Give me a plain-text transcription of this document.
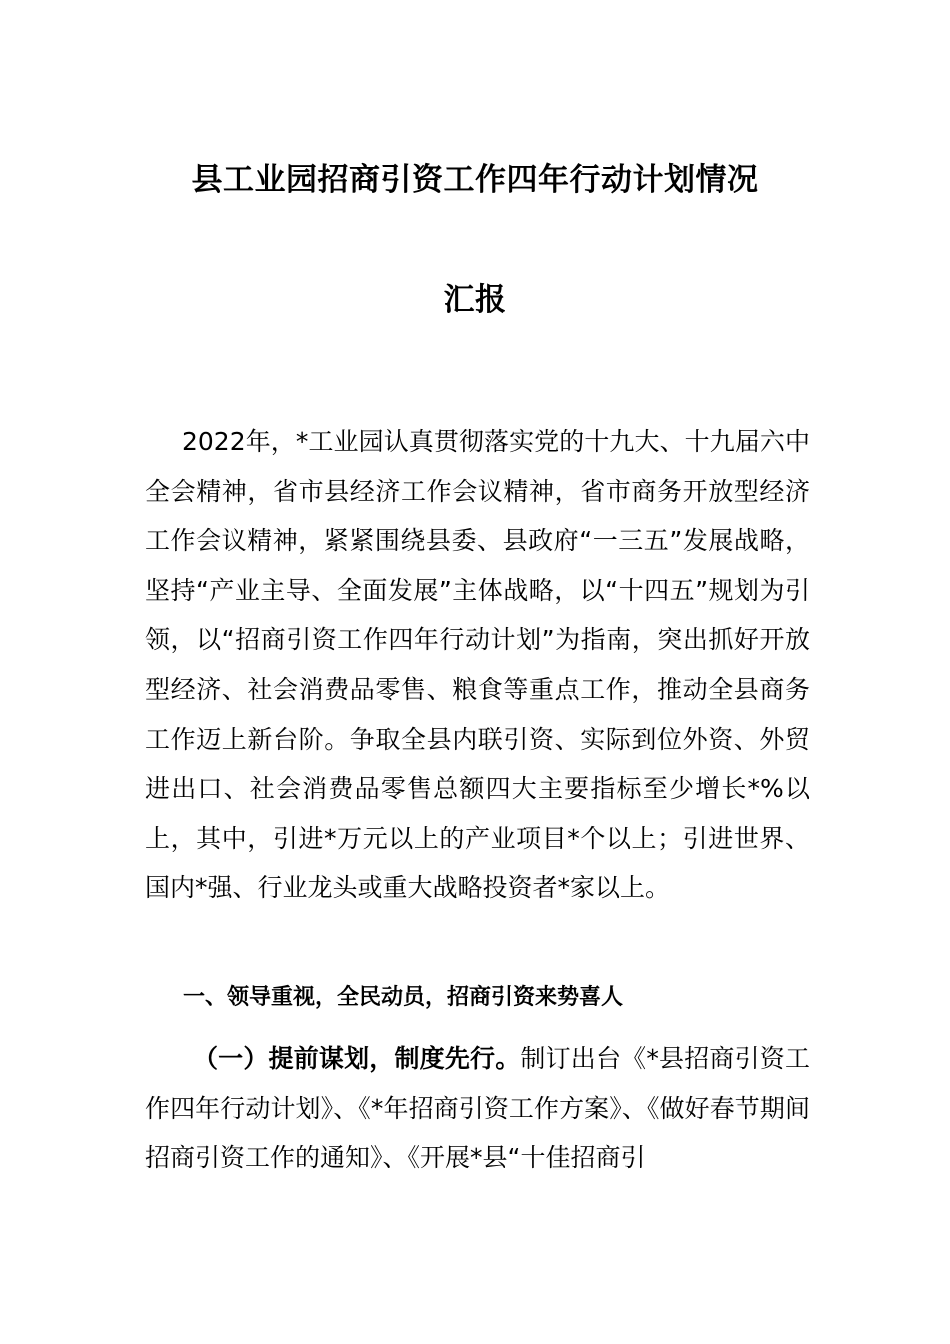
县工业园招商引资工作四年行动计划情况
汇报
2022年，*工业园认真贯彻落实党的十九大、十九届六中全会精神，省市县经济工作会议精神，省市商务开放型经济工作会议精神，紧紧围绕县委、县政府“一三五”发展战略，坚持“产业主导、全面发展”主体战略，以“十四五”规划为引领，以“招商引资工作四年行动计划”为指南，突出抓好开放型经济、社会消费品零售、粮食等重点工作，推动全县商务工作迈上新台阶。争取全县内联引资、实际到位外资、外贸进出口、社会消费品零售总额四大主要指标至少增长*%以上，其中，引进*万元以上的产业项目*个以上；引进世界、国内*强、行业龙头或重大战略投资者*家以上。
一、领导重视，全民动员，招商引资来势喜人
（一）提前谋划，制度先行。制订出台《*县招商引资工作四年行动计划》、《*年招商引资工作方案》、《做好春节期间招商引资工作的通知》、《开展*县“十佳招商引
